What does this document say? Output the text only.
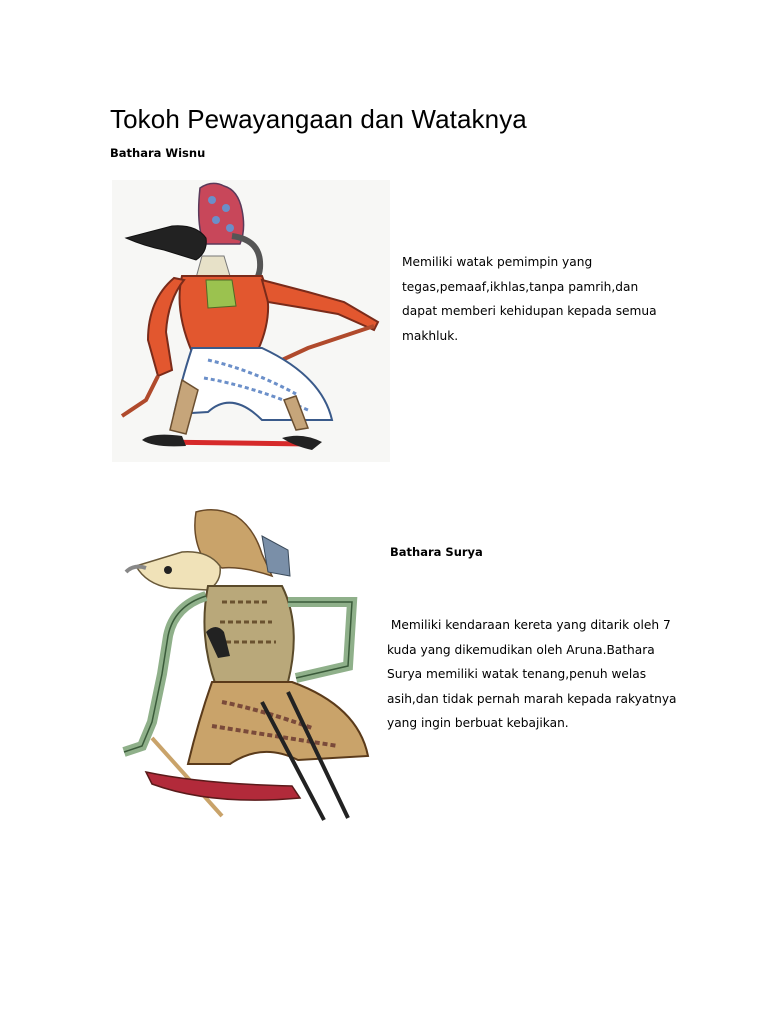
Tokoh Pewayangaan dan Wataknya
Bathara Wisnu

Memiliki watak pemimpin yang
tegas,pemaaf,ikhlas,tanpa pamrih,dan
dapat memberi kehidupan kepada semua
makhluk.

Bathara Surya

Memiliki kendaraan kereta yang ditarik oleh 7
kuda yang dikemudikan oleh Aruna.Bathara
Surya memiliki watak tenang,penuh welas
asih,dan tidak pernah marah kepada rakyatnya
yang ingin berbuat kebajikan.
